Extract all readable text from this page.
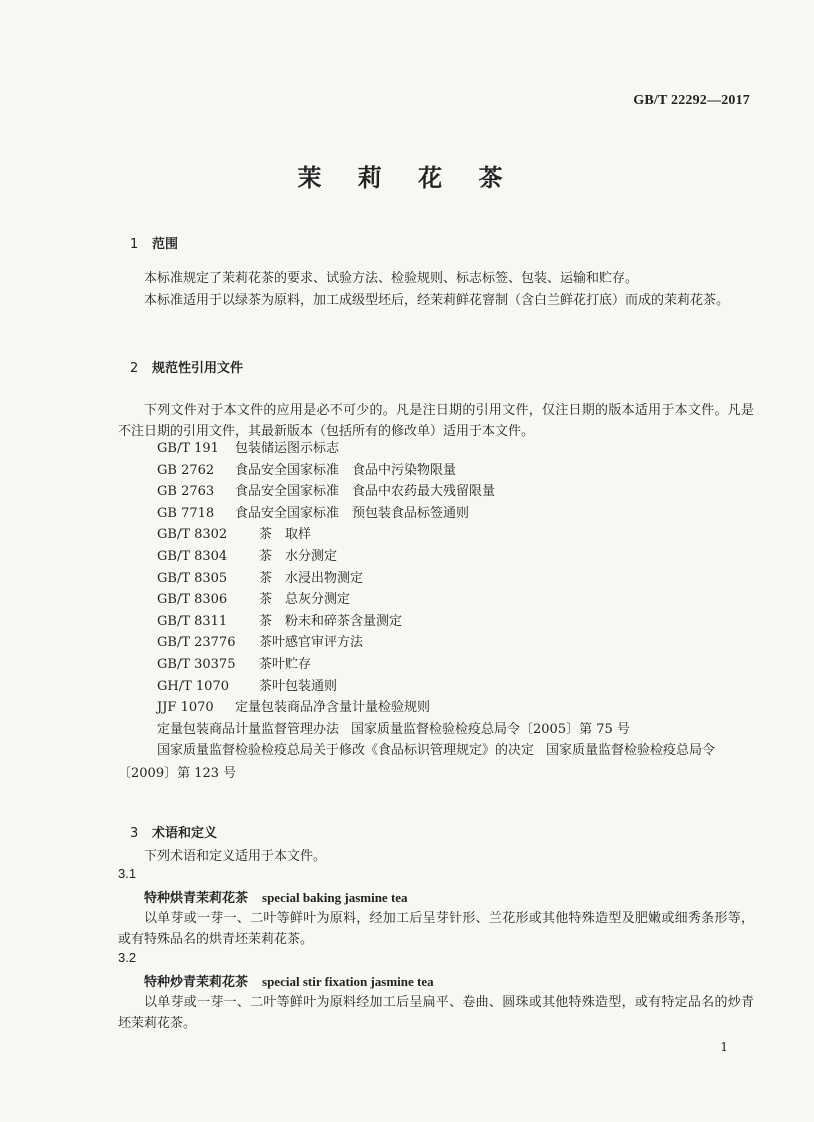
GB/T 22292—2017
茉 莉 花 茶
1 范围
本标准规定了茉莉花茶的要求、试验方法、检验规则、标志标签、包装、运输和贮存。
本标准适用于以绿茶为原料，加工成级型坯后，经茉莉鲜花窨制（含白兰鲜花打底）而成的茉莉花茶。
2 规范性引用文件
下列文件对于本文件的应用是必不可少的。凡是注日期的引用文件，仅注日期的版本适用于本文件。凡是不注日期的引用文件，其最新版本（包括所有的修改单）适用于本文件。
GB/T 191 包装储运图示标志
GB 2762 食品安全国家标准　食品中污染物限量
GB 2763 食品安全国家标准　食品中农药最大残留限量
GB 7718 食品安全国家标准　预包装食品标签通则
GB/T 8302 茶　取样
GB/T 8304 茶　水分测定
GB/T 8305 茶　水浸出物测定
GB/T 8306 茶　总灰分测定
GB/T 8311 茶　粉末和碎茶含量测定
GB/T 23776 茶叶感官审评方法
GB/T 30375 茶叶贮存
GH/T 1070 茶叶包装通则
JJF 1070 定量包装商品净含量计量检验规则
定量包装商品计量监督管理办法 国家质量监督检验检疫总局令〔2005〕第 75 号
国家质量监督检验检疫总局关于修改《食品标识管理规定》的决定 国家质量监督检验检疫总局令
〔2009〕第 123 号
3 术语和定义
下列术语和定义适用于本文件。
3.1
特种烘青茉莉花茶 special baking jasmine tea
以单芽或一芽一、二叶等鲜叶为原料，经加工后呈芽针形、兰花形或其他特殊造型及肥嫩或细秀条形等，或有特殊品名的烘青坯茉莉花茶。
3.2
特种炒青茉莉花茶 special stir fixation jasmine tea
以单芽或一芽一、二叶等鲜叶为原料经加工后呈扁平、卷曲、圆珠或其他特殊造型，或有特定品名的炒青坯茉莉花茶。
1
